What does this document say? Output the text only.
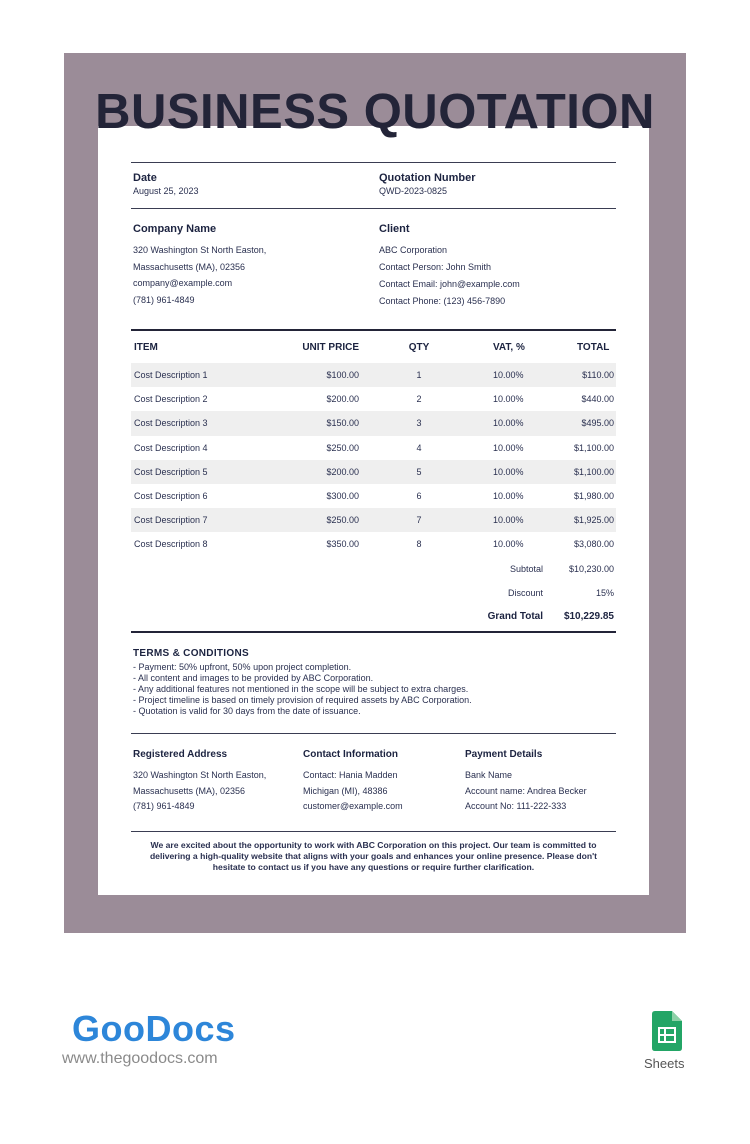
BUSINESS QUOTATION
Date
August 25, 2023
Quotation Number
QWD-2023-0825
Company Name
320 Washington St North Easton,
Massachusetts (MA), 02356
company@example.com
(781) 961-4849
Client
ABC Corporation
Contact Person: John Smith
Contact Email: john@example.com
Contact Phone: (123) 456-7890
ITEM	UNIT PRICE	QTY	VAT, %	TOTAL
Cost Description 1	$100.00	1	10.00%	$110.00
Cost Description 2	$200.00	2	10.00%	$440.00
Cost Description 3	$150.00	3	10.00%	$495.00
Cost Description 4	$250.00	4	10.00%	$1,100.00
Cost Description 5	$200.00	5	10.00%	$1,100.00
Cost Description 6	$300.00	6	10.00%	$1,980.00
Cost Description 7	$250.00	7	10.00%	$1,925.00
Cost Description 8	$350.00	8	10.00%	$3,080.00
Subtotal				$10,230.00
Discount				15%
Grand Total				$10,229.85
TERMS & CONDITIONS
- Payment: 50% upfront, 50% upon project completion.
- All content and images to be provided by ABC Corporation.
- Any additional features not mentioned in the scope will be subject to extra charges.
- Project timeline is based on timely provision of required assets by ABC Corporation.
- Quotation is valid for 30 days from the date of issuance.
Registered Address
320 Washington St North Easton,
Massachusetts (MA), 02356
(781) 961-4849
Contact Information
Contact: Hania Madden
Michigan (MI), 48386
customer@example.com
Payment Details
Bank Name
Account name: Andrea Becker
Account No: 111-222-333
We are excited about the opportunity to work with ABC Corporation on this project. Our team is committed to
delivering a high-quality website that aligns with your goals and enhances your online presence. Please don't
hesitate to contact us if you have any questions or require further clarification.
GooDocs
www.thegoodocs.com	Sheets
